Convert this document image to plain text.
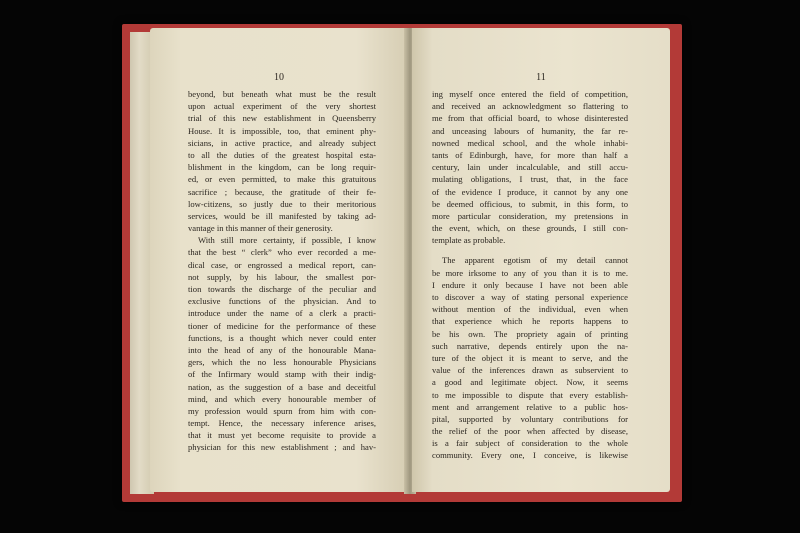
10
beyond, but beneath what must be the result
upon actual experiment of the very shortest
trial of this new establishment in Queensberry
House. It is impossible, too, that eminent phy-
sicians, in active practice, and already subject
to all the duties of the greatest hospital esta-
blishment in the kingdom, can be long requir-
ed, or even permitted, to make this gratuitous
sacrifice ; because, the gratitude of their fe-
low-citizens, so justly due to their meritorious
services, would be ill manifested by taking ad-
vantage in this manner of their generosity.
With still more certainty, if possible, I know
that the best “ clerk” who ever recorded a me-
dical case, or engrossed a medical report, can-
not supply, by his labour, the smallest por-
tion towards the discharge of the peculiar and
exclusive functions of the physician. And to
introduce under the name of a clerk a practi-
tioner of medicine for the performance of these
functions, is a thought which never could enter
into the head of any of the honourable Mana-
gers, which the no less honourable Physicians
of the Infirmary would stamp with their indig-
nation, as the suggestion of a base and deceitful
mind, and which every honourable member of
my profession would spurn from him with con-
tempt. Hence, the necessary inference arises,
that it must yet become requisite to provide a
physician for this new establishment ; and hav-
11
ing myself once entered the field of competition,
and received an acknowledgment so flattering to
me from that official board, to whose disinterested
and unceasing labours of humanity, the far re-
nowned medical school, and the whole inhabi-
tants of Edinburgh, have, for more than half a
century, lain under incalculable, and still accu-
mulating obligations, I trust, that, in the face
of the evidence I produce, it cannot by any one
be deemed officious, to submit, in this form, to
more particular consideration, my pretensions in
the event, which, on these grounds, I still con-
template as probable.
The apparent egotism of my detail cannot
be more irksome to any of you than it is to me.
I endure it only because I have not been able
to discover a way of stating personal experience
without mention of the individual, even when
that experience which he reports happens to
be his own. The propriety again of printing
such narrative, depends entirely upon the na-
ture of the object it is meant to serve, and the
value of the inferences drawn as subservient to
a good and legitimate object. Now, it seems
to me impossible to dispute that every establish-
ment and arrangement relative to a public hos-
pital, supported by voluntary contributions for
the relief of the poor when affected by disease,
is a fair subject of consideration to the whole
community. Every one, I conceive, is likewise
